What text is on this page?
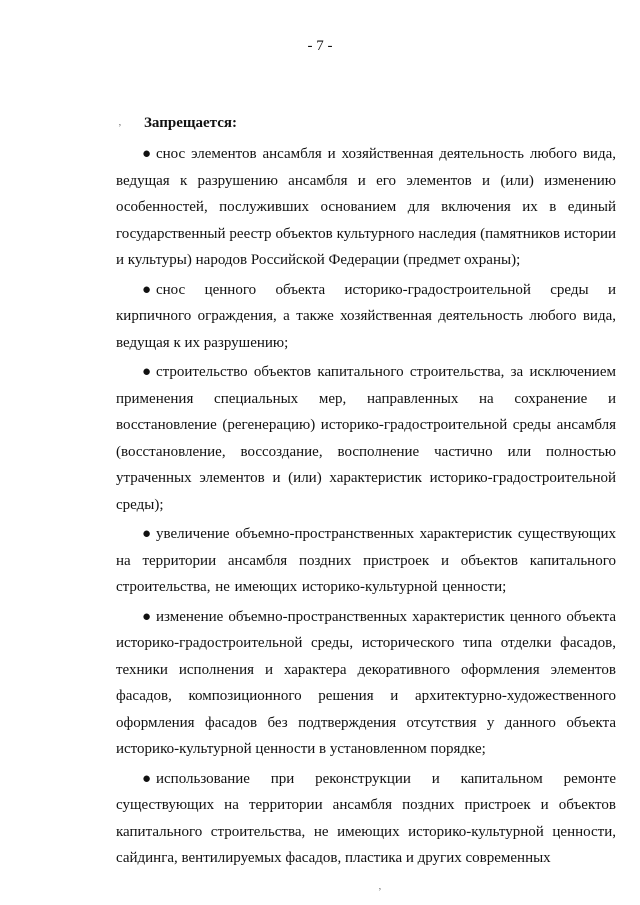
- 7 -
ʼ Запрещается:

● снос элементов ансамбля и хозяйственная деятельность любого вида, ведущая к разрушению ансамбля и его элементов и (или) изменению особенностей, послуживших основанием для включения их в единый государственный реестр объектов культурного наследия (памятников истории и культуры) народов Российской Федерации (предмет охраны);

● снос ценного объекта историко-градостроительной среды и кирпичного ограждения, а также хозяйственная деятельность любого вида, ведущая к их разрушению;

● строительство объектов капитального строительства, за исключением применения специальных мер, направленных на сохранение и восстановление (регенерацию) историко-градостроительной среды ансамбля (восстановление, воссоздание, восполнение частично или полностью утраченных элементов и (или) характеристик историко-градостроительной среды);

● увеличение объемно-пространственных характеристик существующих на территории ансамбля поздних пристроек и объектов капитального строительства, не имеющих историко-культурной ценности;

● изменение объемно-пространственных характеристик ценного объекта историко-градостроительной среды, исторического типа отделки фасадов, техники исполнения и характера декоративного оформления элементов фасадов, композиционного решения и архитектурно-художественного оформления фасадов без подтверждения отсутствия у данного объекта историко-культурной ценности в установленном порядке;

● использование при реконструкции и капитальном ремонте существующих на территории ансамбля поздних пристроек и объектов капитального строительства, не имеющих историко-культурной ценности, сайдинга, вентилируемых фасадов, пластика и других современных

ʼ
